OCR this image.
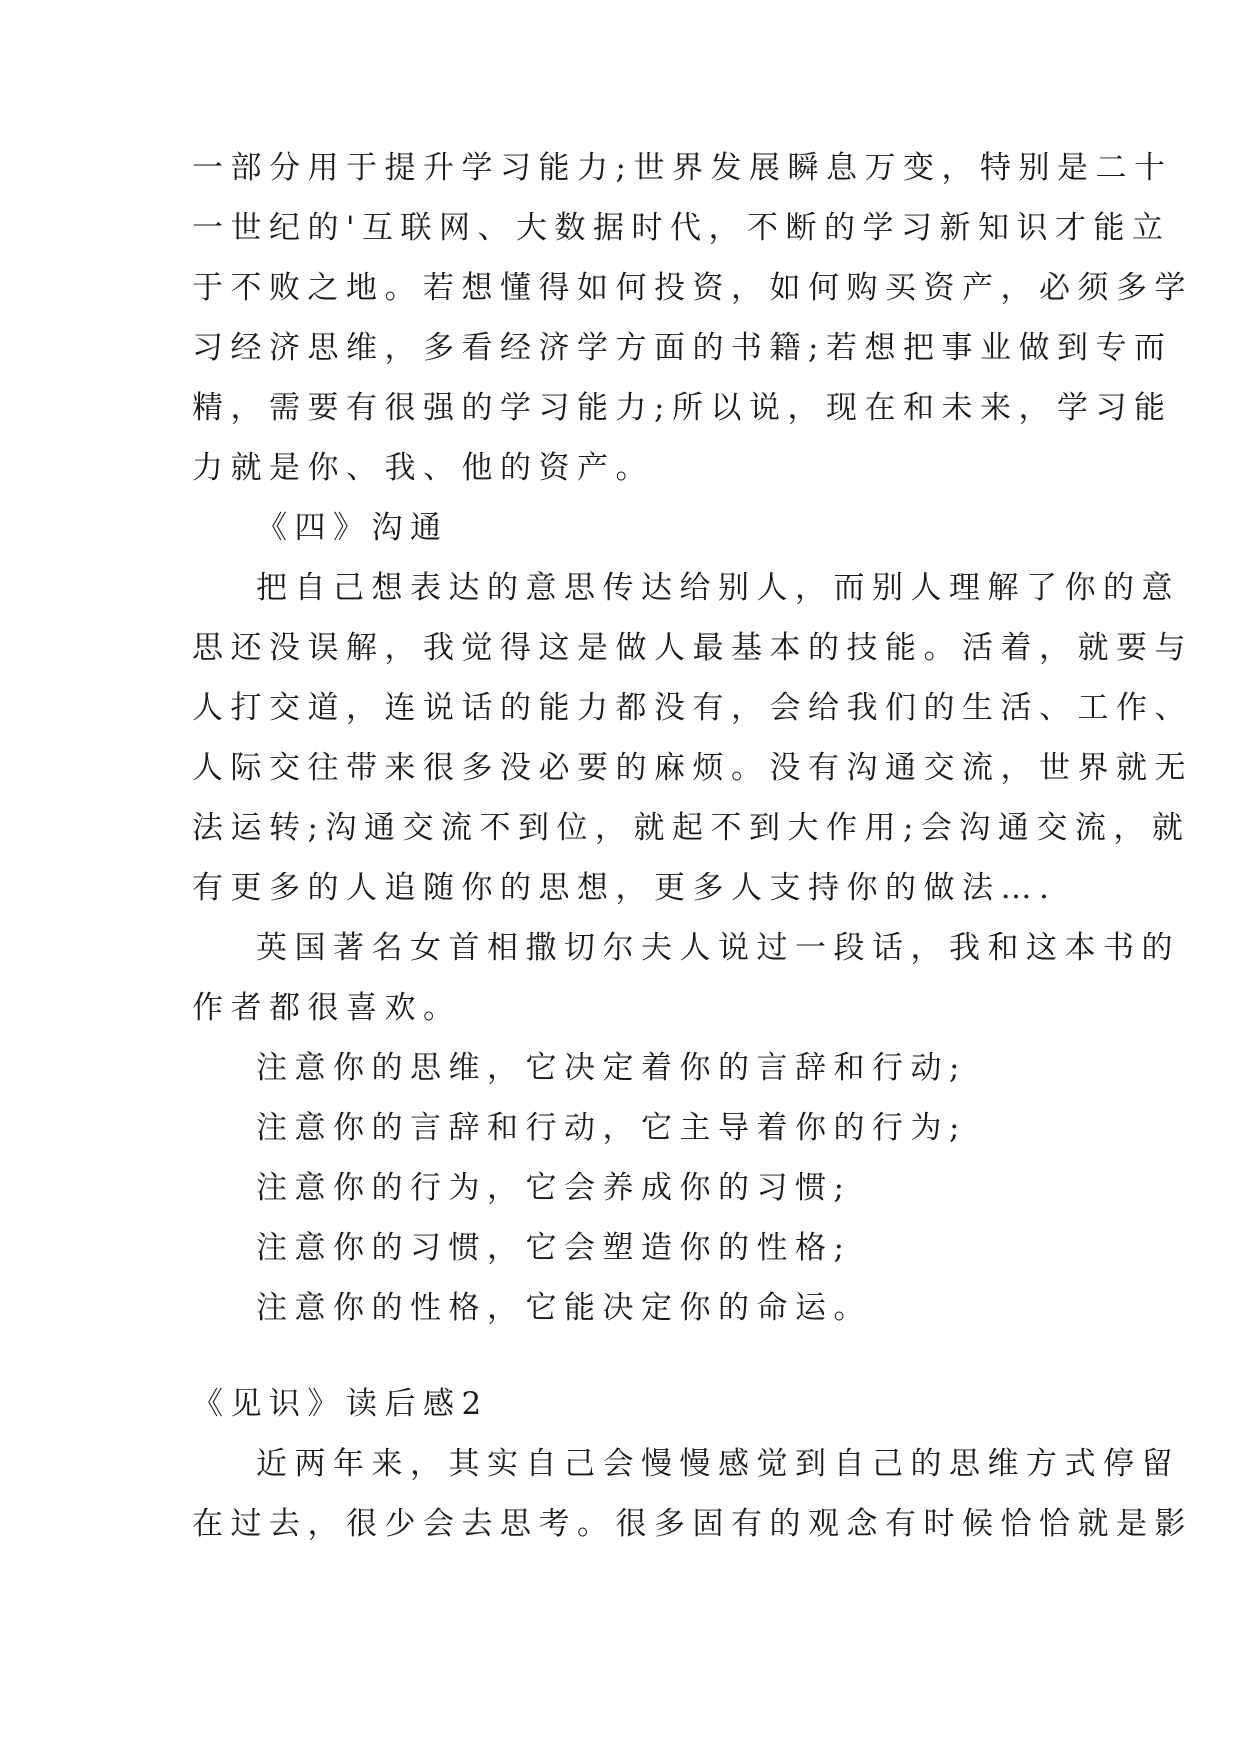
一部分用于提升学习能力;世界发展瞬息万变，特别是二十
一世纪的'互联网、大数据时代，不断的学习新知识才能立
于不败之地。若想懂得如何投资，如何购买资产，必须多学
习经济思维，多看经济学方面的书籍;若想把事业做到专而
精，需要有很强的学习能力;所以说，现在和未来，学习能
力就是你、我、他的资产。
《四》沟通
把自己想表达的意思传达给别人，而别人理解了你的意
思还没误解，我觉得这是做人最基本的技能。活着，就要与
人打交道，连说话的能力都没有，会给我们的生活、工作、
人际交往带来很多没必要的麻烦。没有沟通交流，世界就无
法运转;沟通交流不到位，就起不到大作用;会沟通交流，就
有更多的人追随你的思想，更多人支持你的做法….
英国著名女首相撒切尔夫人说过一段话，我和这本书的
作者都很喜欢。
注意你的思维，它决定着你的言辞和行动;
注意你的言辞和行动，它主导着你的行为;
注意你的行为，它会养成你的习惯;
注意你的习惯，它会塑造你的性格;
注意你的性格，它能决定你的命运。
《见识》读后感2
近两年来，其实自己会慢慢感觉到自己的思维方式停留
在过去，很少会去思考。很多固有的观念有时候恰恰就是影
